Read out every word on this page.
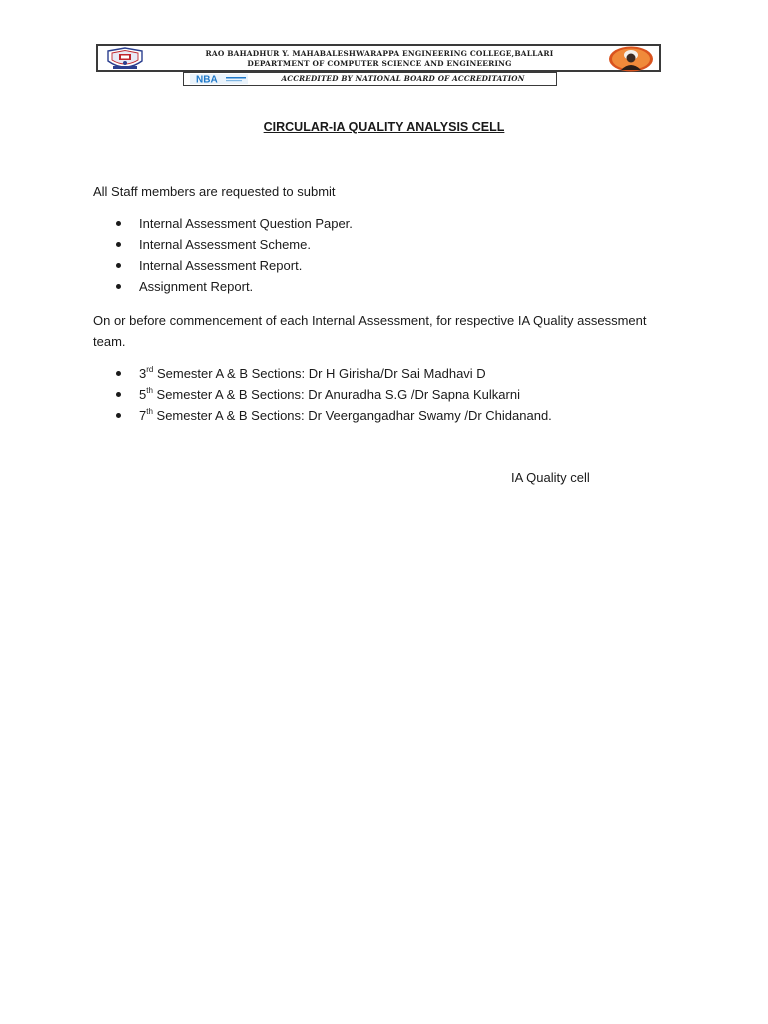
RAO BAHADHUR Y. MAHABALESHWARAPPA ENGINEERING COLLEGE,BALLARI
DEPARTMENT OF COMPUTER SCIENCE AND ENGINEERING
NBA	ACCREDITED BY NATIONAL BOARD OF ACCREDITATION
CIRCULAR-IA QUALITY ANALYSIS CELL
All Staff members are requested to submit
Internal Assessment Question Paper.
Internal Assessment Scheme.
Internal Assessment Report.
Assignment Report.
On or before commencement of each Internal Assessment, for respective IA Quality assessment team.
3rd Semester A & B Sections: Dr H Girisha/Dr Sai Madhavi D
5th Semester A & B Sections: Dr Anuradha S.G /Dr Sapna Kulkarni
7th Semester A & B Sections: Dr Veergangadhar Swamy /Dr Chidanand.
IA Quality cell
